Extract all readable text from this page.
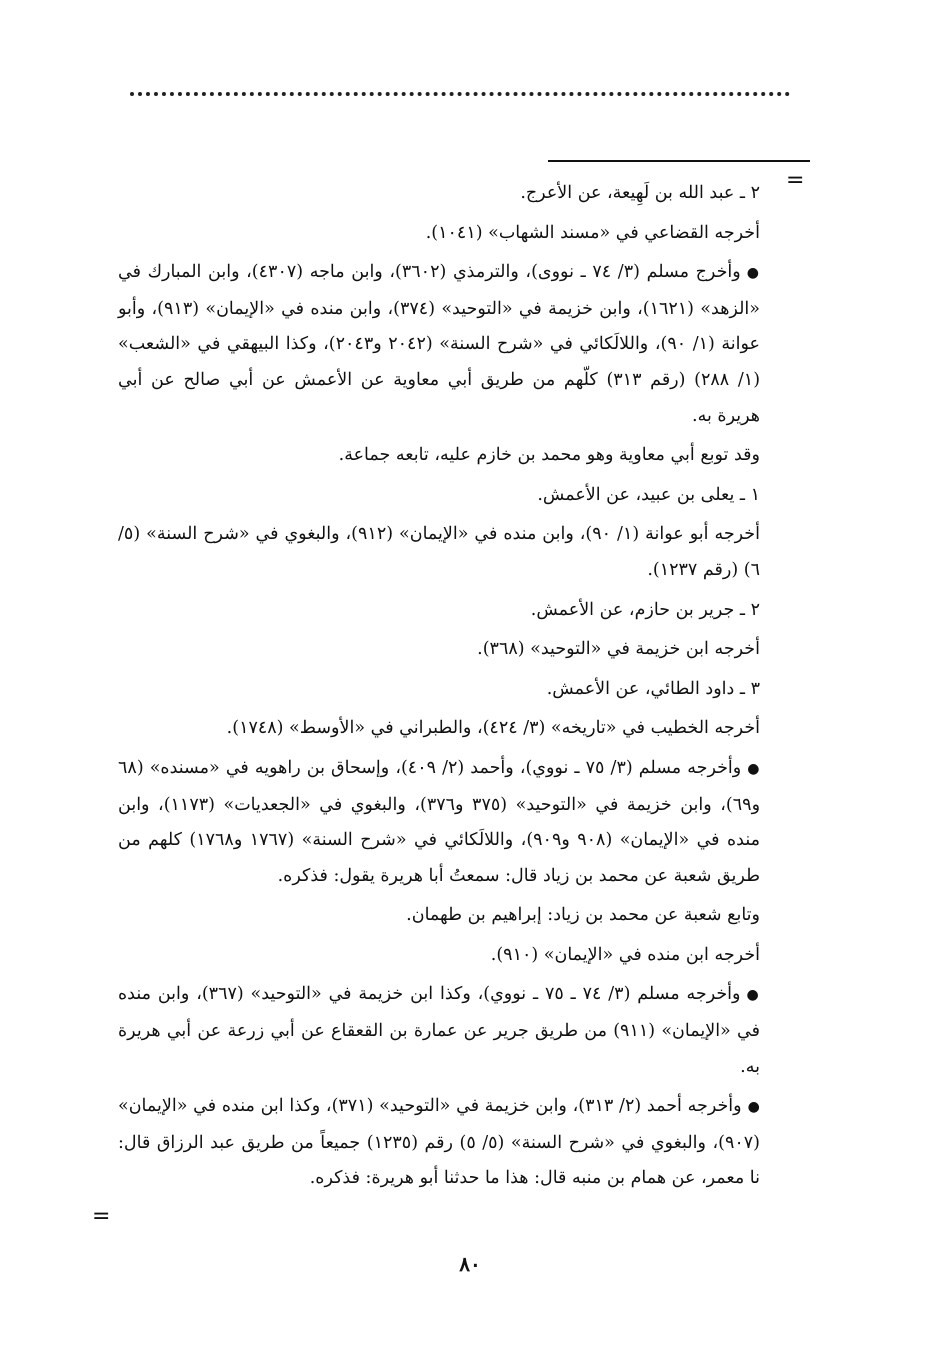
=

٢ ـ عبد الله بن لَهِيعة، عن الأعرج.

أخرجه القضاعي في «مسند الشهاب» (١٠٤١).

●وأخرج مسلم (٣/ ٧٤ ـ نووى)، والترمذي (٣٦٠٢)، وابن ماجه (٤٣٠٧)، وابن المبارك في «الزهد» (١٦٢١)، وابن خزيمة في «التوحيد» (٣٧٤)، وابن منده في «الإيمان» (٩١٣)، وأبو عوانة (١/ ٩٠)، واللالَكائي في «شرح السنة» (٢٠٤٢ و٢٠٤٣)، وكذا البيهقي في «الشعب» (١/ ٢٨٨) (رقم ٣١٣) كلّهم من طريق أبي معاوية عن الأعمش عن أبي صالح عن أبي هريرة به.

وقد توبع أبي معاوية وهو محمد بن خازم عليه، تابعه جماعة.

١ ـ يعلى بن عبيد، عن الأعمش.

أخرجه أبو عوانة (١/ ٩٠)، وابن منده في «الإيمان» (٩١٢)، والبغوي في «شرح السنة» (٥/ ٦) (رقم ١٢٣٧).

٢ ـ جرير بن حازم، عن الأعمش.

أخرجه ابن خزيمة في «التوحيد» (٣٦٨).

٣ ـ داود الطائي، عن الأعمش.

أخرجه الخطيب في «تاريخه» (٣/ ٤٢٤)، والطبراني في «الأوسط» (١٧٤٨).

●وأخرجه مسلم (٣/ ٧٥ ـ نووي)، وأحمد (٢/ ٤٠٩)، وإسحاق بن راهويه في «مسنده» (٦٨ و٦٩)، وابن خزيمة في «التوحيد» (٣٧٥ و٣٧٦)، والبغوي في «الجعديات» (١١٧٣)، وابن منده في «الإيمان» (٩٠٨ و٩٠٩)، واللالَكائي في «شرح السنة» (١٧٦٧ و١٧٦٨) كلهم من طريق شعبة عن محمد بن زياد قال: سمعتُ أبا هريرة يقول: فذكره.

وتابع شعبة عن محمد بن زياد: إبراهيم بن طهمان.

أخرجه ابن منده في «الإيمان» (٩١٠).

●وأخرجه مسلم (٣/ ٧٤ ـ ٧٥ ـ نووي)، وكذا ابن خزيمة في «التوحيد» (٣٦٧)، وابن منده في «الإيمان» (٩١١) من طريق جرير عن عمارة بن القعقاع عن أبي زرعة عن أبي هريرة به.

●وأخرجه أحمد (٢/ ٣١٣)، وابن خزيمة في «التوحيد» (٣٧١)، وكذا ابن منده في «الإيمان» (٩٠٧)، والبغوي في «شرح السنة» (٥/ ٥) رقم (١٢٣٥) جميعاً من طريق عبد الرزاق قال: نا معمر، عن همام بن منبه قال: هذا ما حدثنا أبو هريرة: فذكره.

=
٨٠
